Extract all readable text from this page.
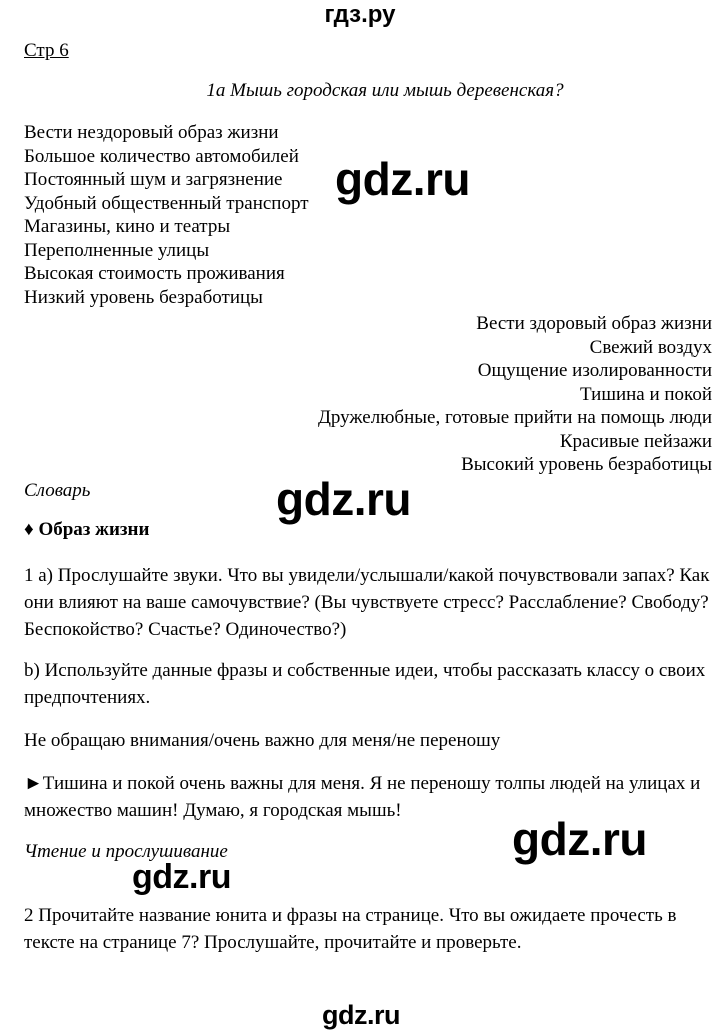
гдз.ру
Стр 6
1a Мышь городская или мышь деревенская?
Вести нездоровый образ жизни
Большое количество автомобилей
Постоянный шум и загрязнение
Удобный общественный транспорт
Магазины, кино и театры
Переполненные улицы
Высокая стоимость проживания
Низкий уровень безработицы
Вести здоровый образ жизни
Свежий воздух
Ощущение изолированности
Тишина и покой
Дружелюбные, готовые прийти на помощь люди
Красивые пейзажи
Высокий уровень безработицы
Словарь
♦ Образ жизни
1 a) Прослушайте звуки. Что вы увидели/услышали/какой почувствовали запах? Как они влияют на ваше самочувствие? (Вы чувствуете стресс? Расслабление? Свободу? Беспокойство? Счастье? Одиночество?)
b) Используйте данные фразы и собственные идеи, чтобы рассказать классу о своих предпочтениях.
Не обращаю внимания/очень важно для меня/не переношу
►Тишина и покой очень важны для меня. Я не переношу толпы людей на улицах и множество машин! Думаю, я городская мышь!
Чтение и прослушивание
2 Прочитайте название юнита и фразы на странице. Что вы ожидаете прочесть в тексте на странице 7? Прослушайте, прочитайте и проверьте.
gdz.ru
gdz.ru
gdz.ru
gdz.ru
gdz.ru
